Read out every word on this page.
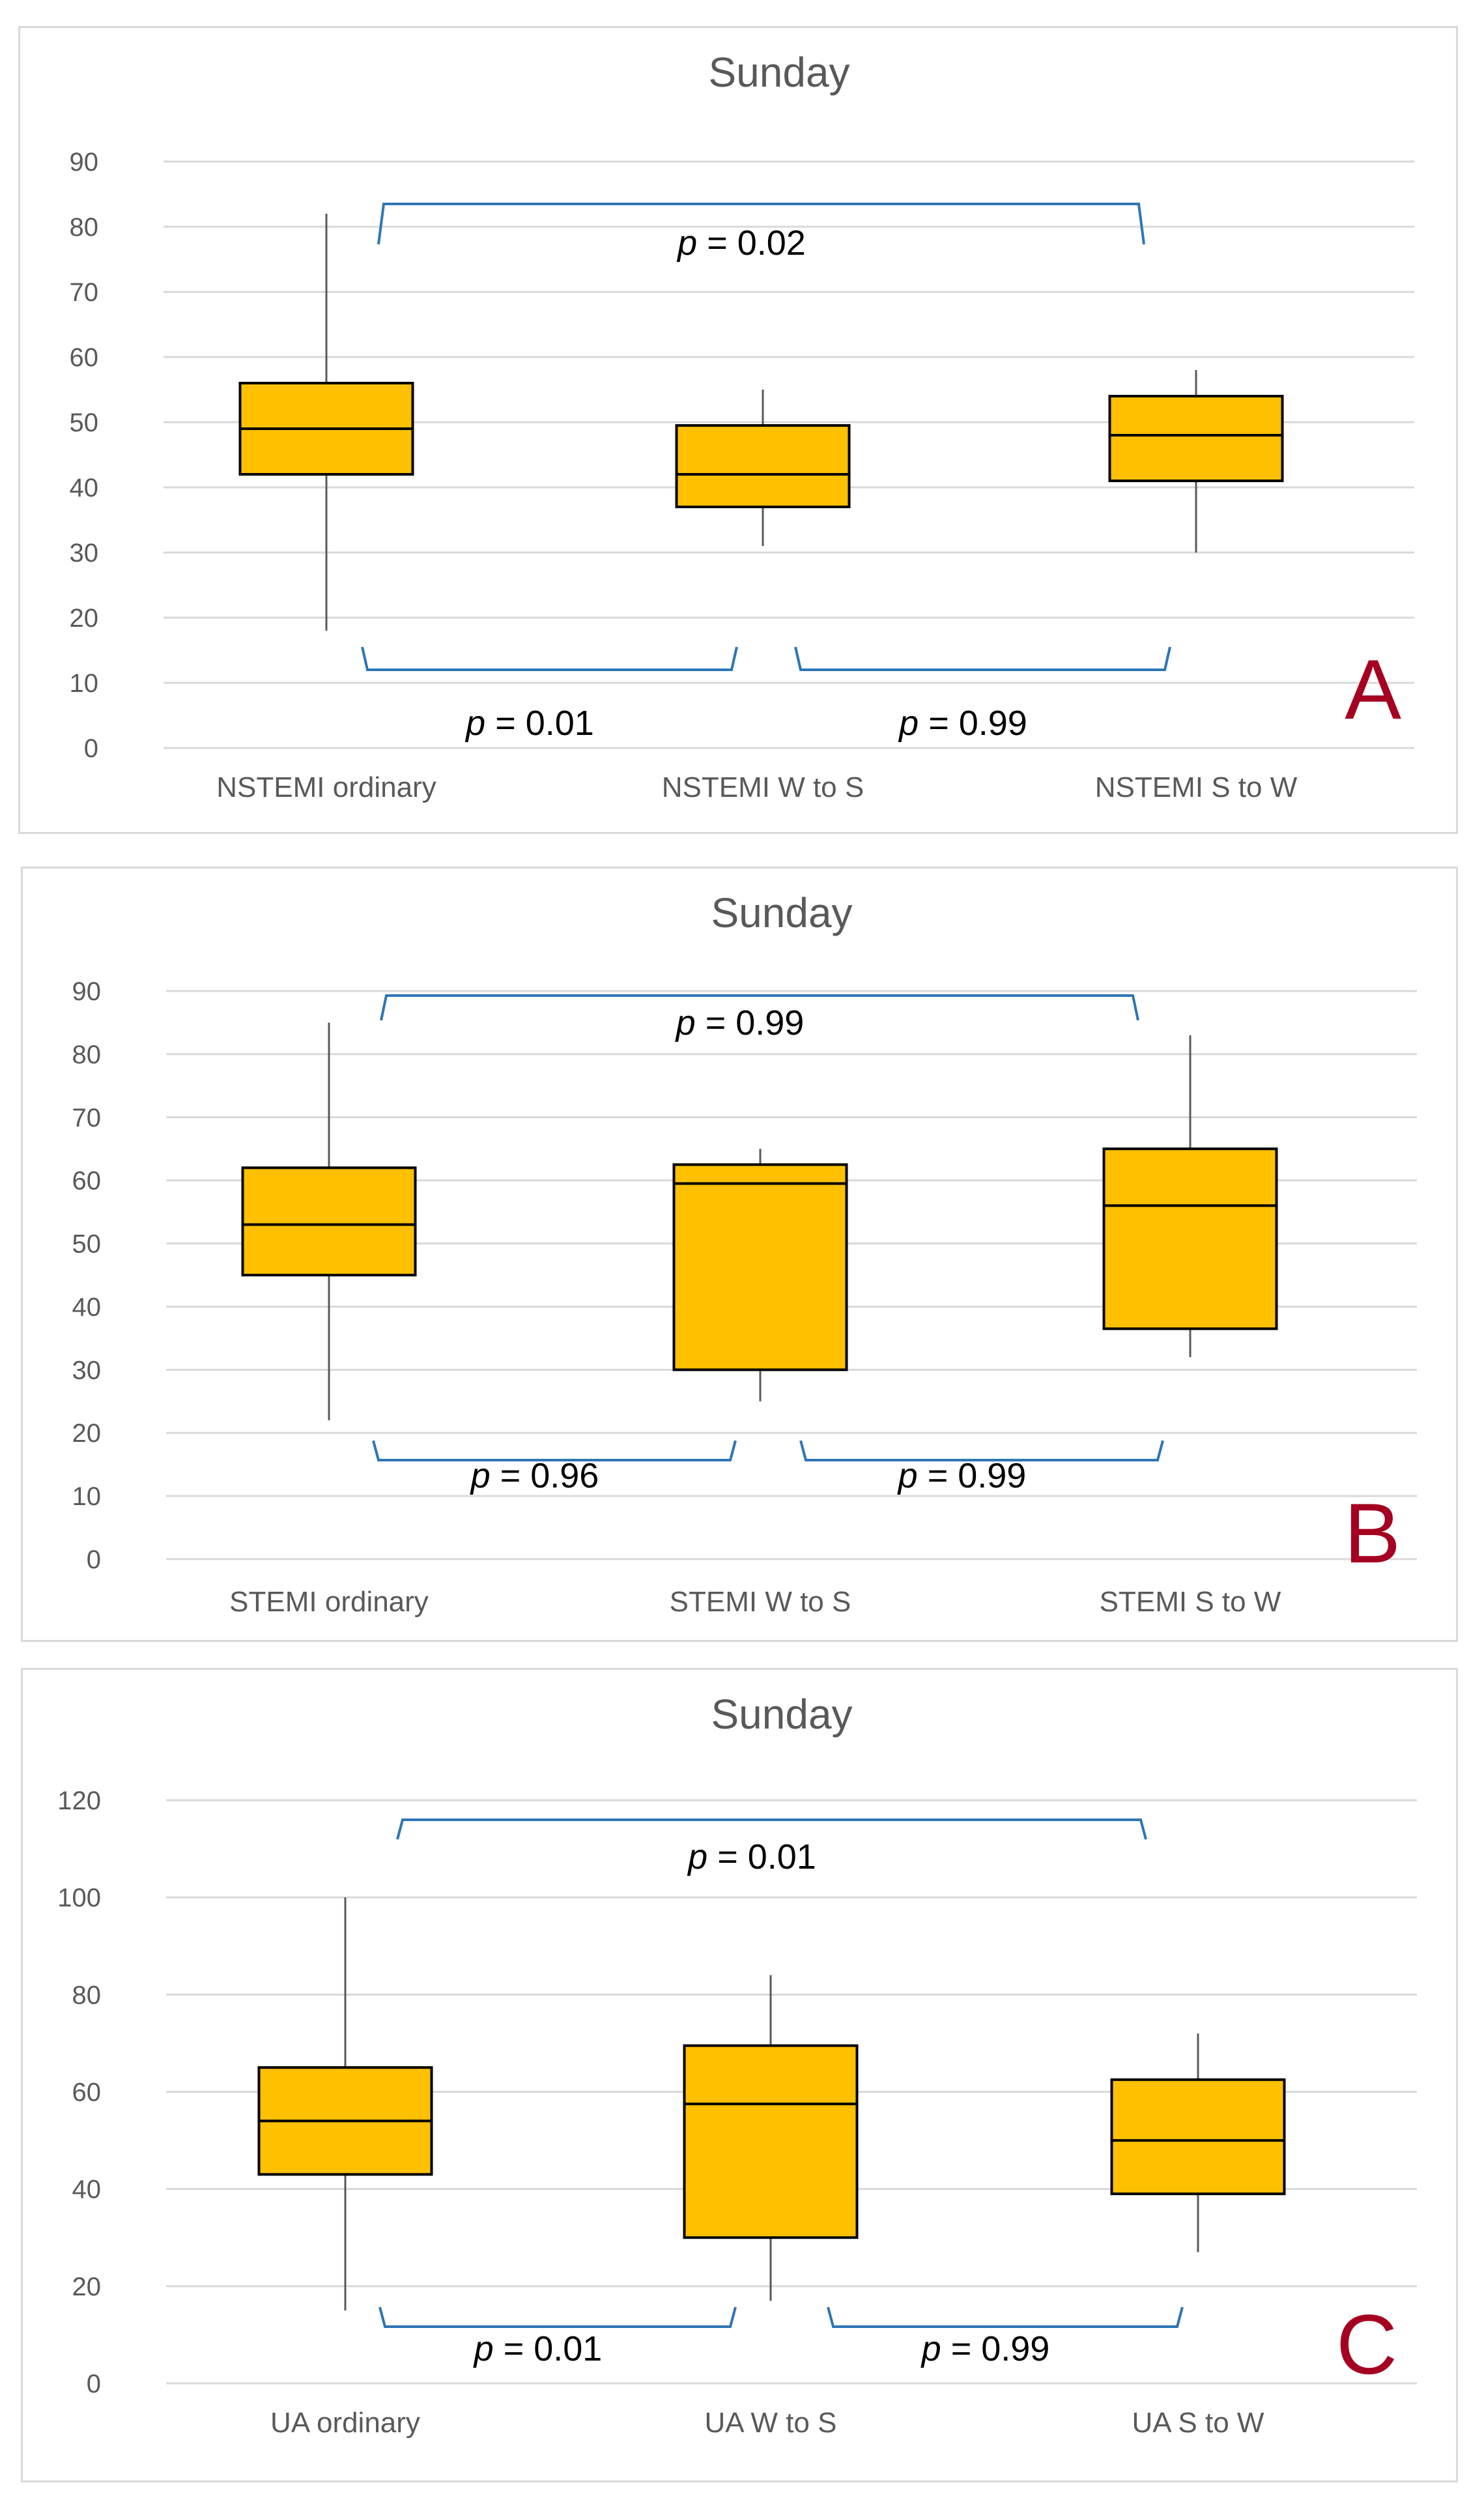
Sunday
0
10
20
30
40
50
60
70
80
90
NSTEMI ordinary	NSTEMI W to S	NSTEMI S to W
p = 0.02
p = 0.01	p = 0.99	A
Sunday
0
10
20
30
40
50
60
70
80
90
STEMI ordinary	STEMI W to S	STEMI S to W
p = 0.99
p = 0.96	p = 0.99
B
Sunday
0
20
40
60
80
100
120
UA ordinary	UA W to S	UA S to W
p = 0.01
p = 0.01	p = 0.99	C
